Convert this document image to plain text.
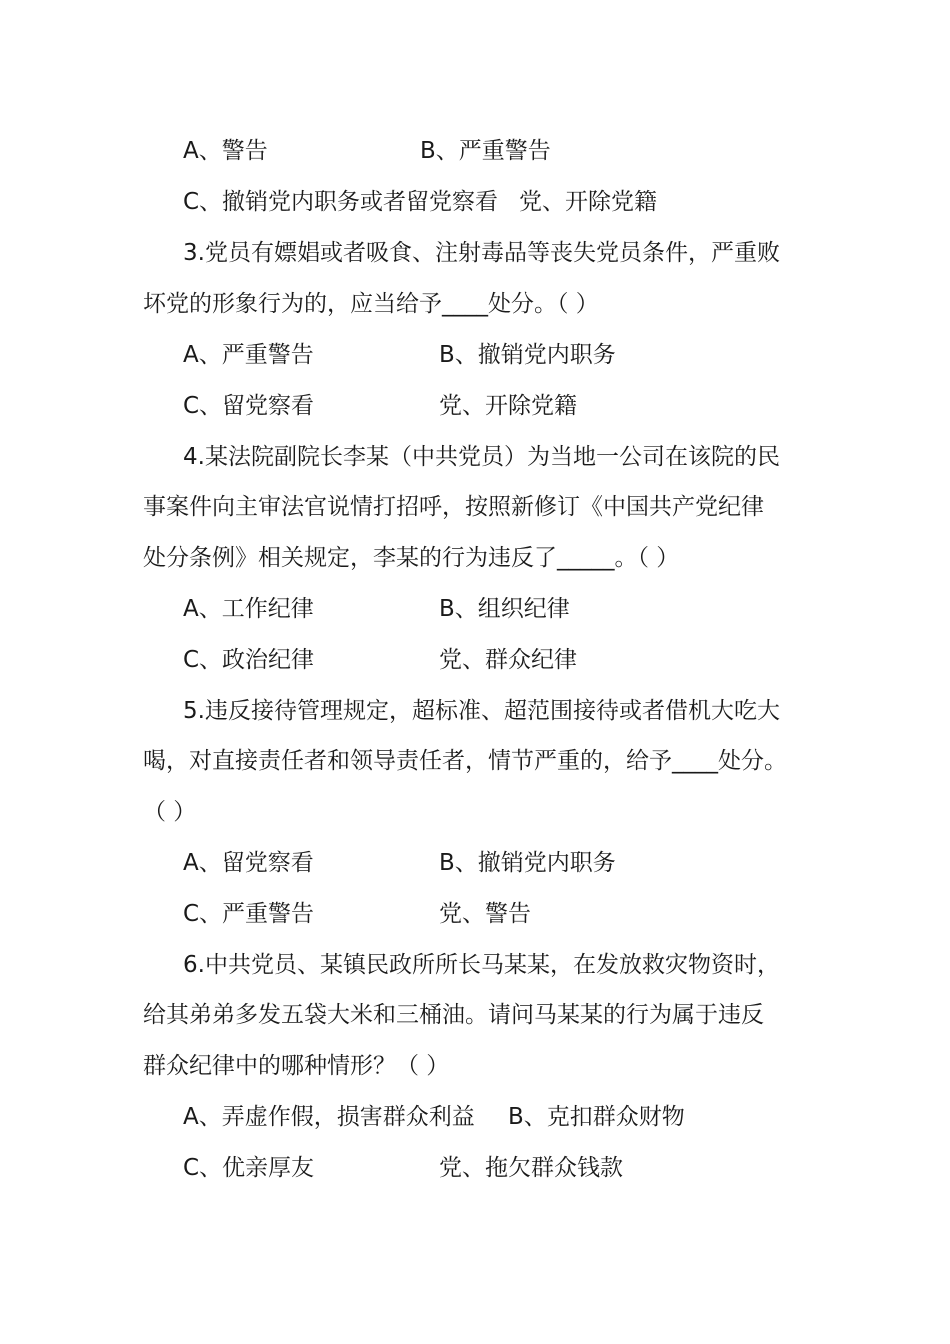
A、警告	B、严重警告
C、撤销党内职务或者留党察看 党、开除党籍
3.党员有嫖娼或者吸食、注射毒品等丧失党员条件，严重败
坏党的形象行为的，应当给予____处分。（ ）
A、严重警告	B、撤销党内职务
C、留党察看	党、开除党籍
4.某法院副院长李某（中共党员）为当地一公司在该院的民
事案件向主审法官说情打招呼，按照新修订《中国共产党纪律
处分条例》相关规定，李某的行为违反了_____。（ ）
A、工作纪律	B、组织纪律
C、政治纪律	党、群众纪律
5.违反接待管理规定，超标准、超范围接待或者借机大吃大
喝，对直接责任者和领导责任者，情节严重的，给予____处分。
（ ）
A、留党察看	B、撤销党内职务
C、严重警告	党、警告
6.中共党员、某镇民政所所长马某某，在发放救灾物资时，
给其弟弟多发五袋大米和三桶油。请问马某某的行为属于违反
群众纪律中的哪种情形？（ ）
A、弄虚作假，损害群众利益 B、克扣群众财物
C、优亲厚友	党、拖欠群众钱款
